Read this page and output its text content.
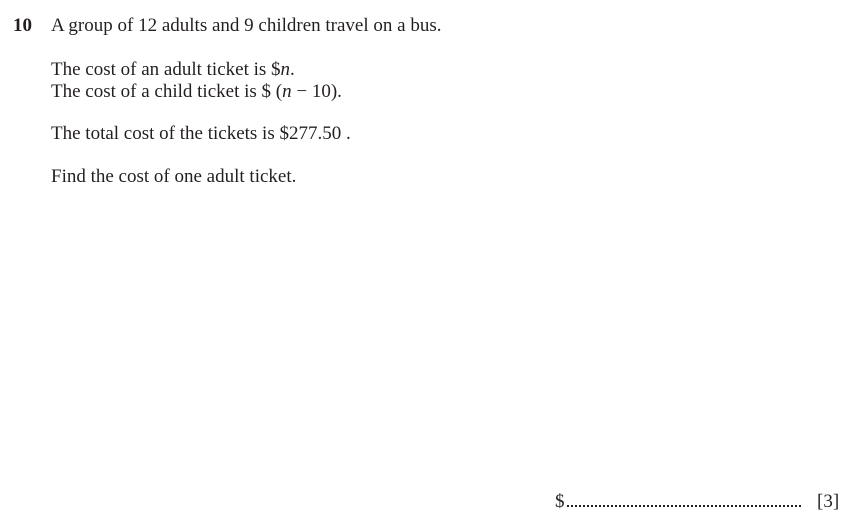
10 A group of 12 adults and 9 children travel on a bus.
The cost of an adult ticket is $n.
The cost of a child ticket is $ (n − 10).
The total cost of the tickets is $277.50 .
Find the cost of one adult ticket.
$	[3]
